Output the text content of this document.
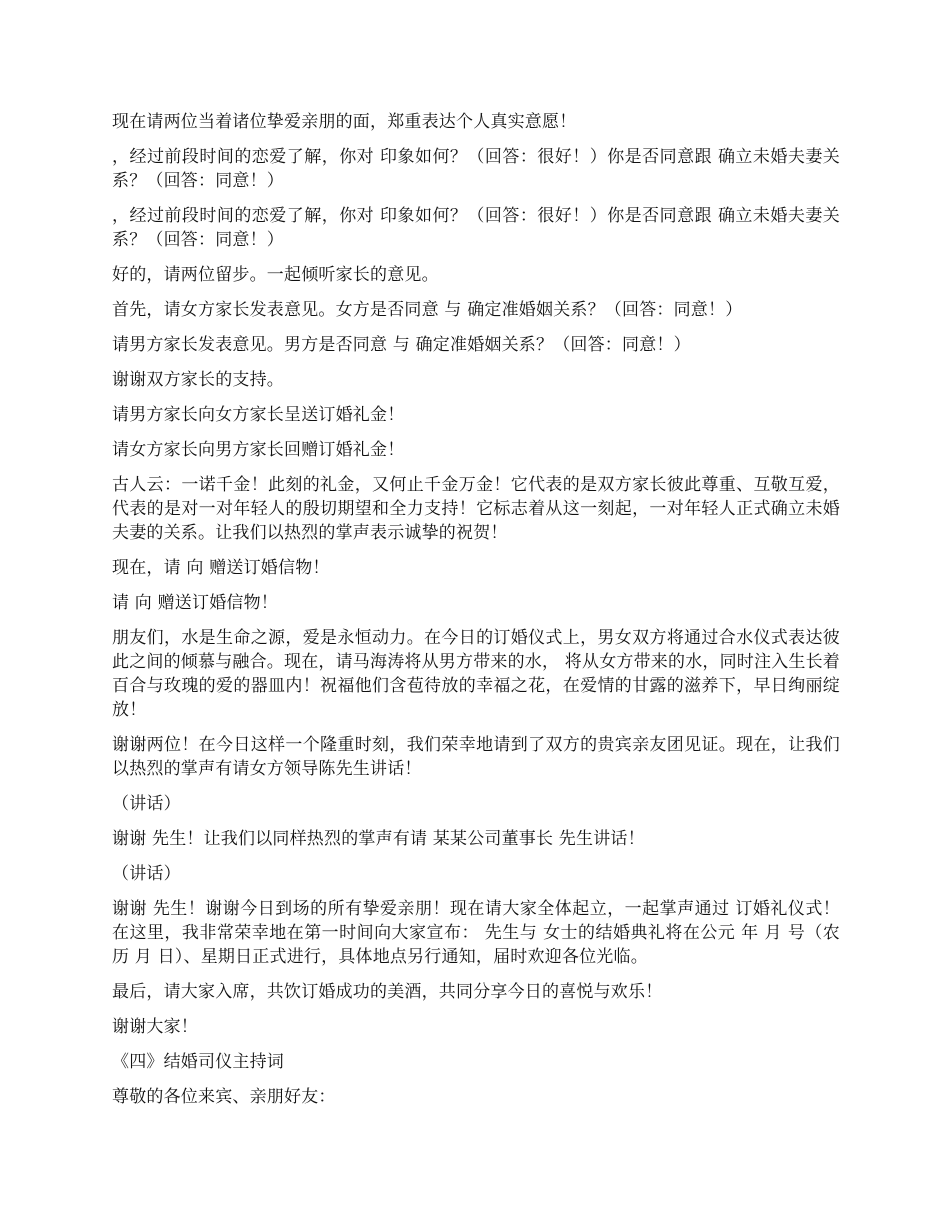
现在请两位当着诸位挚爱亲朋的面，郑重表达个人真实意愿！

，经过前段时间的恋爱了解，你对 印象如何？（回答：很好！）你是否同意跟 确立未婚夫妻关系？（回答：同意！）

，经过前段时间的恋爱了解，你对 印象如何？（回答：很好！）你是否同意跟 确立未婚夫妻关系？（回答：同意！）

好的，请两位留步。一起倾听家长的意见。

首先，请女方家长发表意见。女方是否同意 与 确定准婚姻关系？（回答：同意！）

请男方家长发表意见。男方是否同意 与 确定准婚姻关系？（回答：同意！）

谢谢双方家长的支持。

请男方家长向女方家长呈送订婚礼金！

请女方家长向男方家长回赠订婚礼金！

古人云：一诺千金！此刻的礼金，又何止千金万金！它代表的是双方家长彼此尊重、互敬互爱，代表的是对一对年轻人的殷切期望和全力支持！它标志着从这一刻起，一对年轻人正式确立未婚夫妻的关系。让我们以热烈的掌声表示诚挚的祝贺！

现在，请 向 赠送订婚信物！

请 向 赠送订婚信物！

朋友们，水是生命之源，爱是永恒动力。在今日的订婚仪式上，男女双方将通过合水仪式表达彼此之间的倾慕与融合。现在，请马海涛将从男方带来的水， 将从女方带来的水，同时注入生长着百合与玫瑰的爱的器皿内！祝福他们含苞待放的幸福之花，在爱情的甘露的滋养下，早日绚丽绽放！

谢谢两位！在今日这样一个隆重时刻，我们荣幸地请到了双方的贵宾亲友团见证。现在，让我们以热烈的掌声有请女方领导陈先生讲话！

（讲话）

谢谢 先生！让我们以同样热烈的掌声有请 某某公司董事长 先生讲话！

（讲话）

谢谢 先生！谢谢今日到场的所有挚爱亲朋！现在请大家全体起立，一起掌声通过 订婚礼仪式！在这里，我非常荣幸地在第一时间向大家宣布： 先生与 女士的结婚典礼将在公元 年 月 号（农历 月 日）、星期日正式进行，具体地点另行通知，届时欢迎各位光临。

最后，请大家入席，共饮订婚成功的美酒，共同分享今日的喜悦与欢乐！

谢谢大家！

《四》结婚司仪主持词

尊敬的各位来宾、亲朋好友：
